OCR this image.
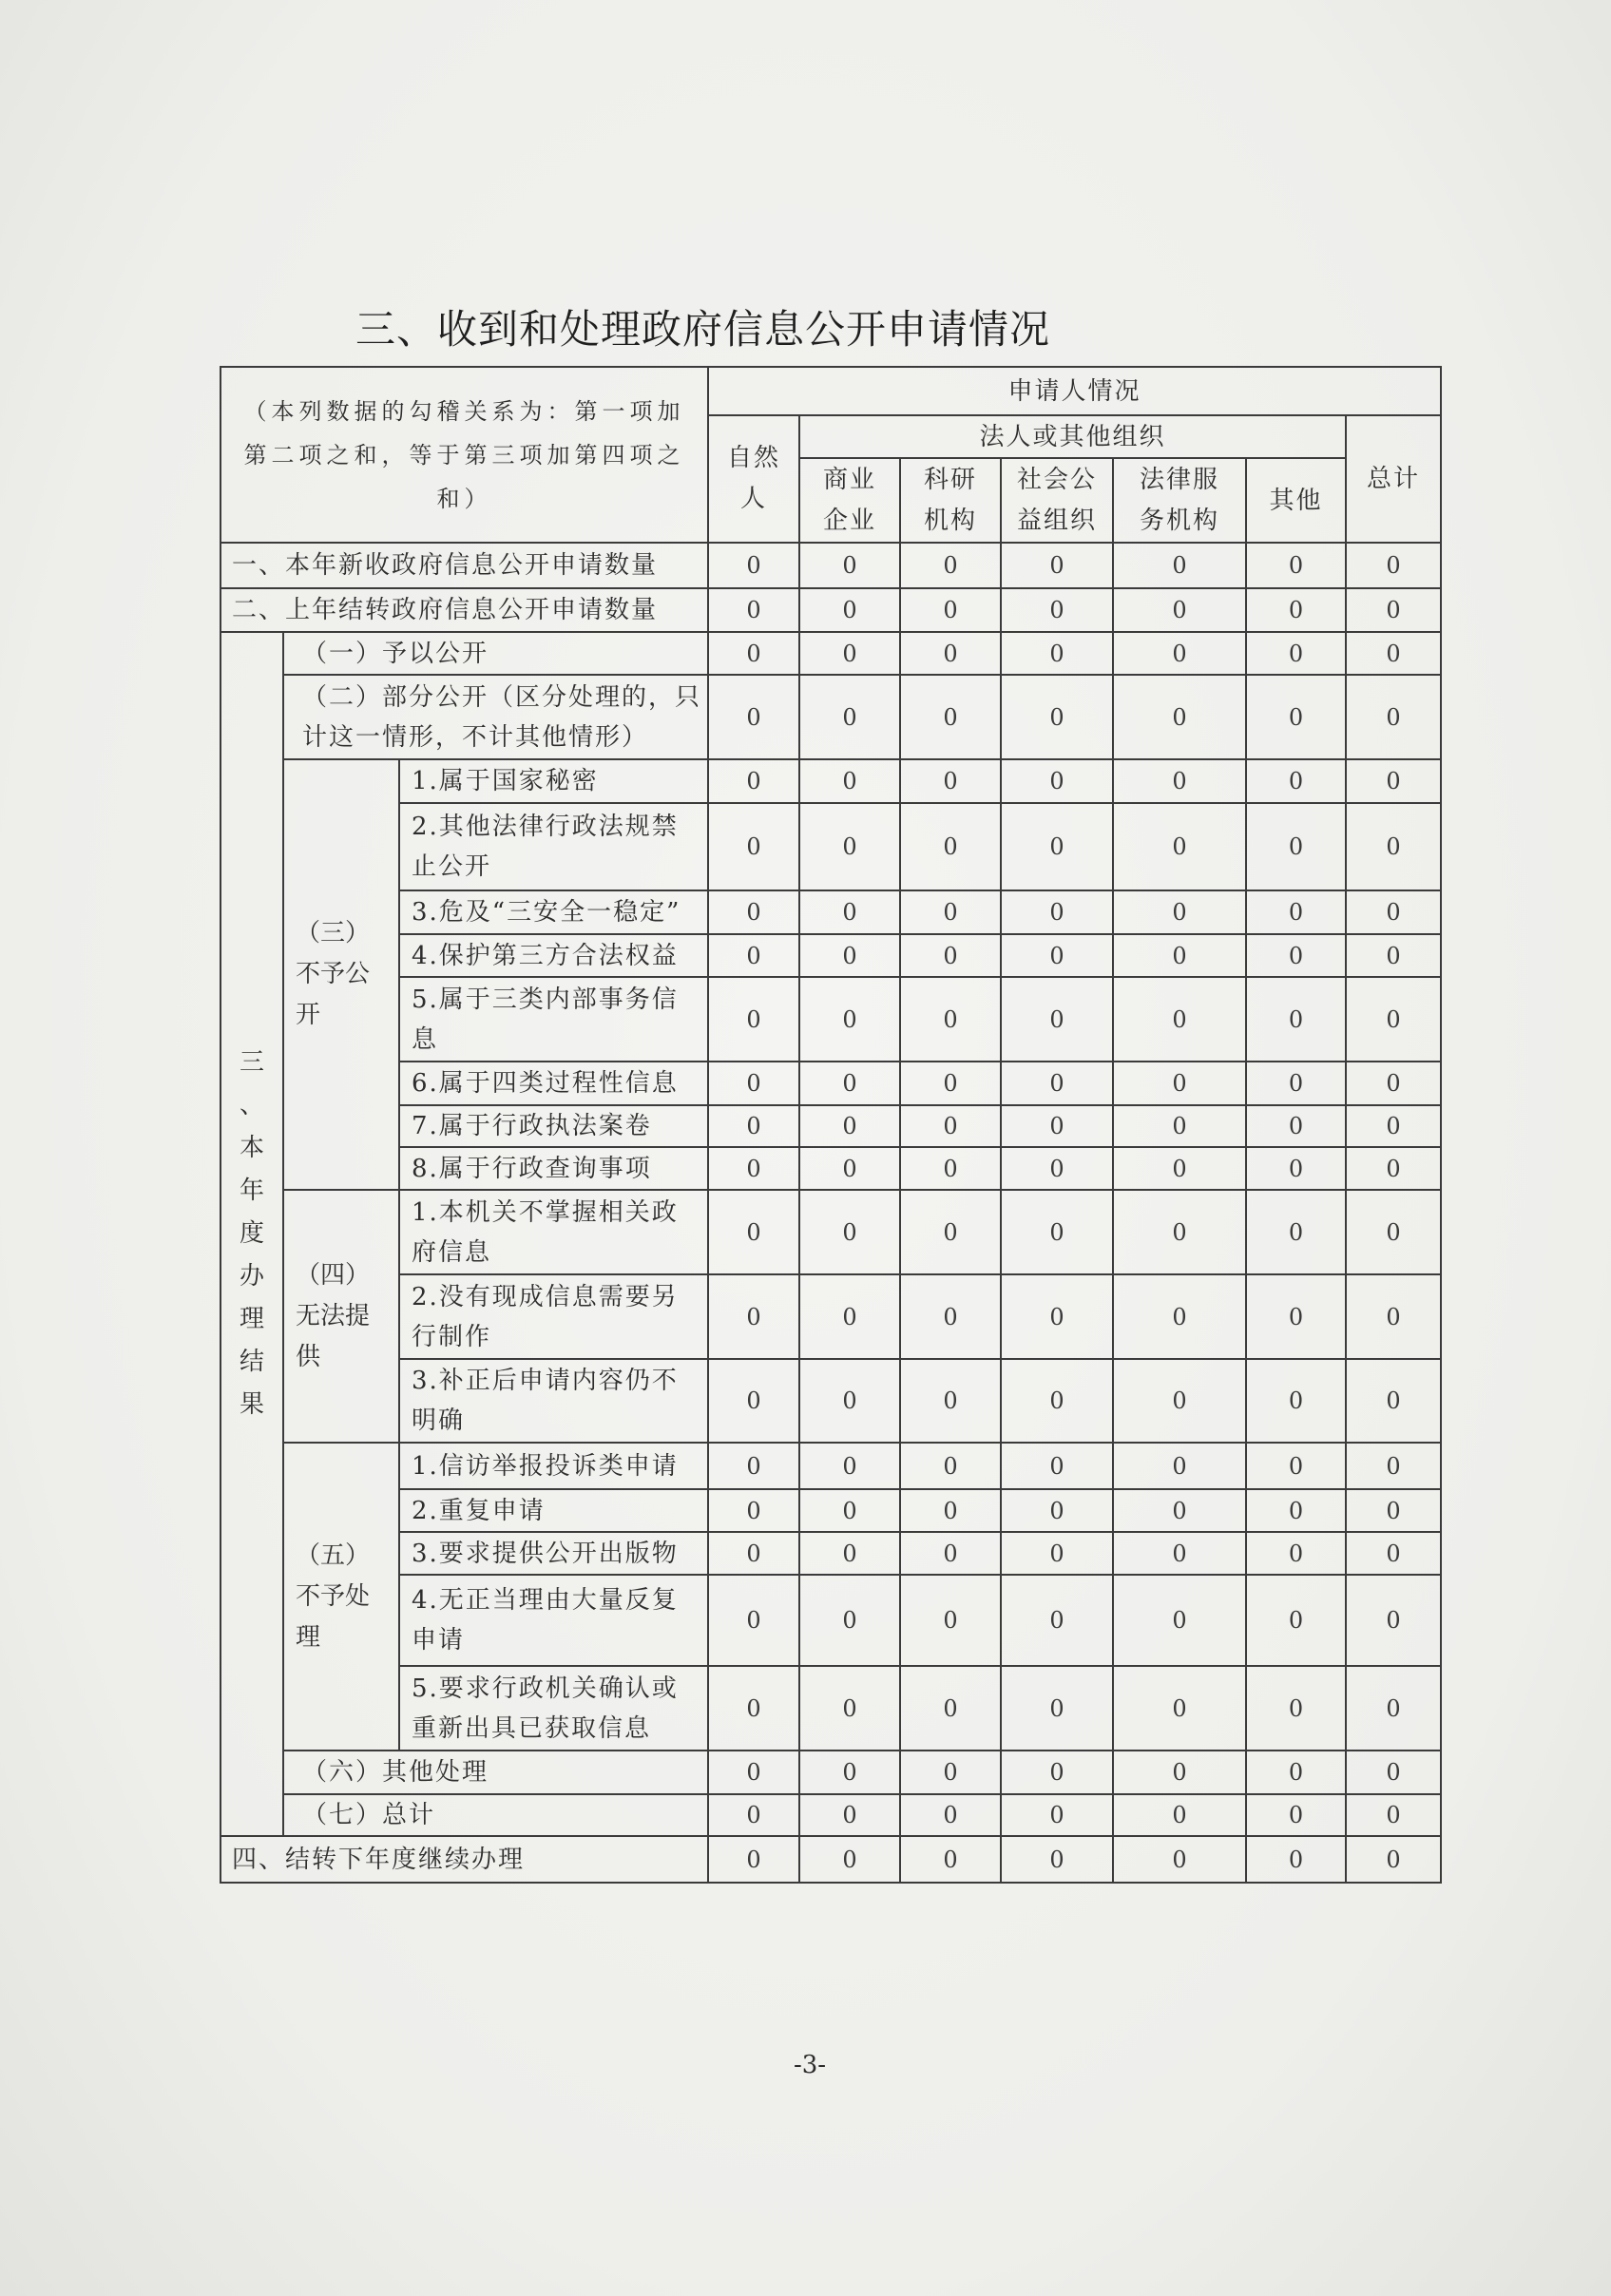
三、收到和处理政府信息公开申请情况
（本列数据的勾稽关系为：第一项加第二项之和，等于第三项加第四项之和）			申请人情况						
			自然人	法人或其他组织					总计
				商业企业	科研机构	社会公益组织	法律服务机构	其他	
一、本年新收政府信息公开申请数量			0	0	0	0	0	0	0
二、上年结转政府信息公开申请数量			0	0	0	0	0	0	0
三、本年度办理结果	（一）予以公开		0	0	0	0	0	0	0
	（二）部分公开（区分处理的，只计这一情形，不计其他情形）		0	0	0	0	0	0	0
	（三）不予公开	1.属于国家秘密	0	0	0	0	0	0	0
		2.其他法律行政法规禁止公开	0	0	0	0	0	0	0
		3.危及“三安全一稳定”	0	0	0	0	0	0	0
		4.保护第三方合法权益	0	0	0	0	0	0	0
		5.属于三类内部事务信息	0	0	0	0	0	0	0
		6.属于四类过程性信息	0	0	0	0	0	0	0
		7.属于行政执法案卷	0	0	0	0	0	0	0
		8.属于行政查询事项	0	0	0	0	0	0	0
	（四）无法提供	1.本机关不掌握相关政府信息	0	0	0	0	0	0	0
		2.没有现成信息需要另行制作	0	0	0	0	0	0	0
		3.补正后申请内容仍不明确	0	0	0	0	0	0	0
	（五）不予处理	1.信访举报投诉类申请	0	0	0	0	0	0	0
		2.重复申请	0	0	0	0	0	0	0
		3.要求提供公开出版物	0	0	0	0	0	0	0
		4.无正当理由大量反复申请	0	0	0	0	0	0	0
		5.要求行政机关确认或重新出具已获取信息	0	0	0	0	0	0	0
	（六）其他处理		0	0	0	0	0	0	0
	（七）总计		0	0	0	0	0	0	0
四、结转下年度继续办理			0	0	0	0	0	0	0
-3-
